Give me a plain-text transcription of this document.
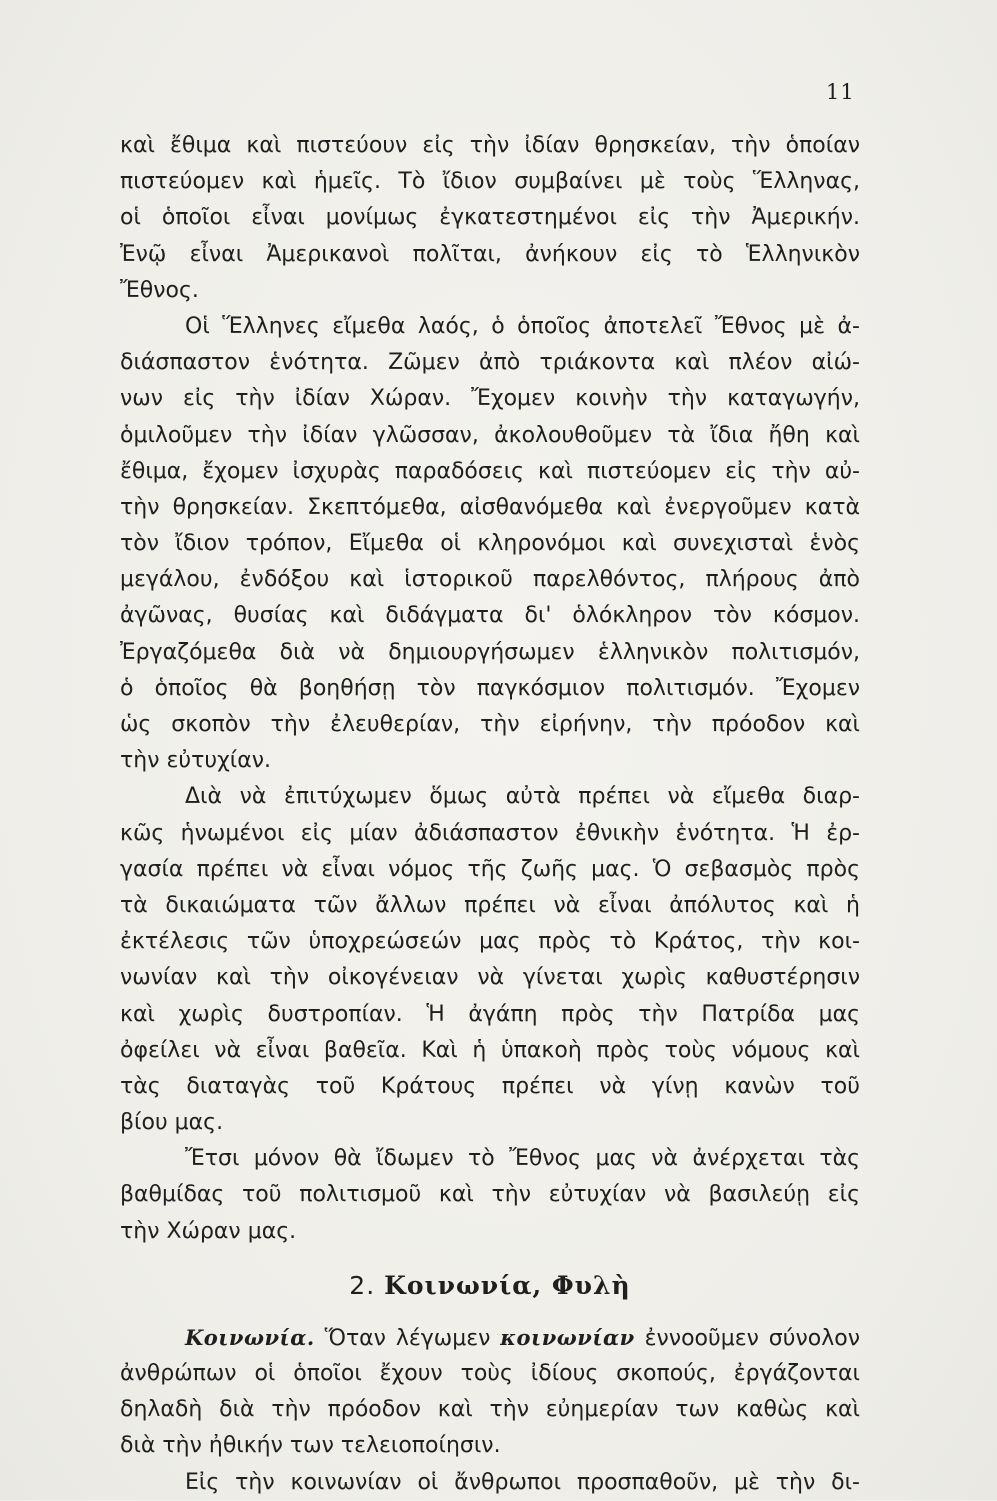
11
καὶ ἔθιμα καὶ πιστεύουν εἰς τὴν ἰδίαν θρησκείαν, τὴν ὁποίαν
πιστεύομεν καὶ ἡμεῖς. Τὸ ἴδιον συμβαίνει μὲ τοὺς Ἕλληνας,
οἱ ὁποῖοι εἶναι μονίμως ἐγκατεστημένοι εἰς τὴν Ἀμερικήν.
Ἐνῷ εἶναι Ἀμερικανοὶ πολῖται, ἀνήκουν εἰς τὸ Ἑλληνικὸν
Ἔθνος.
Οἱ Ἕλληνες εἴμεθα λαός, ὁ ὁποῖος ἀποτελεῖ Ἔθνος μὲ ἀ-
διάσπαστον ἑνότητα. Ζῶμεν ἀπὸ τριάκοντα καὶ πλέον αἰώ-
νων εἰς τὴν ἰδίαν Χώραν. Ἔχομεν κοινὴν τὴν καταγωγήν,
ὁμιλοῦμεν τὴν ἰδίαν γλῶσσαν, ἀκολουθοῦμεν τὰ ἴδια ἤθη καὶ
ἔθιμα, ἔχομεν ἰσχυρὰς παραδόσεις καὶ πιστεύομεν εἰς τὴν αὐ-
τὴν θρησκείαν. Σκεπτόμεθα, αἰσθανόμεθα καὶ ἐνεργοῦμεν κατὰ
τὸν ἴδιον τρόπον, Εἴμεθα οἱ κληρονόμοι καὶ συνεχισταὶ ἑνὸς
μεγάλου, ἐνδόξου καὶ ἱστορικοῦ παρελθόντος, πλήρους ἀπὸ
ἀγῶνας, θυσίας καὶ διδάγματα δι' ὁλόκληρον τὸν κόσμον.
Ἐργαζόμεθα διὰ νὰ δημιουργήσωμεν ἑλληνικὸν πολιτισμόν,
ὁ ὁποῖος θὰ βοηθήσῃ τὸν παγκόσμιον πολιτισμόν. Ἔχομεν
ὡς σκοπὸν τὴν ἐλευθερίαν, τὴν εἰρήνην, τὴν πρόοδον καὶ
τὴν εὐτυχίαν.
Διὰ νὰ ἐπιτύχωμεν ὅμως αὐτὰ πρέπει νὰ εἴμεθα διαρ-
κῶς ἡνωμένοι εἰς μίαν ἀδιάσπαστον ἐθνικὴν ἑνότητα. Ἡ ἐρ-
γασία πρέπει νὰ εἶναι νόμος τῆς ζωῆς μας. Ὁ σεβασμὸς πρὸς
τὰ δικαιώματα τῶν ἄλλων πρέπει νὰ εἶναι ἀπόλυτος καὶ ἡ
ἐκτέλεσις τῶν ὑποχρεώσεών μας πρὸς τὸ Κράτος, τὴν κοι-
νωνίαν καὶ τὴν οἰκογένειαν νὰ γίνεται χωρὶς καθυστέρησιν
καὶ χωρὶς δυστροπίαν. Ἡ ἀγάπη πρὸς τὴν Πατρίδα μας
ὀφείλει νὰ εἶναι βαθεῖα. Καὶ ἡ ὑπακοὴ πρὸς τοὺς νόμους καὶ
τὰς διαταγὰς τοῦ Κράτους πρέπει νὰ γίνῃ κανὼν τοῦ
βίου μας.
Ἔτσι μόνον θὰ ἴδωμεν τὸ Ἔθνος μας νὰ ἀνέρχεται τὰς
βαθμίδας τοῦ πολιτισμοῦ καὶ τὴν εὐτυχίαν νὰ βασιλεύῃ εἰς
τὴν Χώραν μας.
2. Κοινωνία, Φυλὴ
Κοινωνία. Ὅταν λέγωμεν κοινωνίαν ἐννοοῦμεν σύνολον
ἀνθρώπων οἱ ὁποῖοι ἔχουν τοὺς ἰδίους σκοπούς, ἐργάζονται
δηλαδὴ διὰ τὴν πρόοδον καὶ τὴν εὐημερίαν των καθὼς καὶ
διὰ τὴν ἠθικήν των τελειοποίησιν.
Εἰς τὴν κοινωνίαν οἱ ἄνθρωποι προσπαθοῦν, μὲ τὴν δι-
